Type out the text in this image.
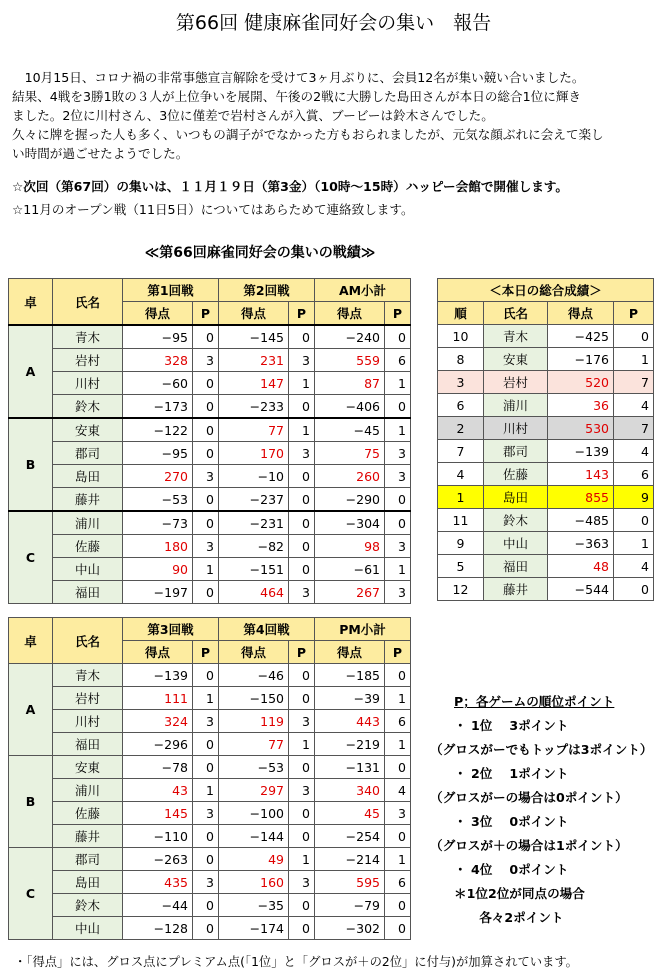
第66回 健康麻雀同好会の集い　報告

　10月15日、コロナ禍の非常事態宣言解除を受けて3ヶ月ぶりに、会員12名が集い競い合いました。

結果、4戦を3勝1敗の３人が上位争いを展開、午後の2戦に大勝した島田さんが本日の総合1位に輝き

ました。2位に川村さん、3位に僅差で岩村さんが入賞、ブービーは鈴木さんでした。

久々に牌を握った人も多く、いつもの調子がでなかった方もおられましたが、元気な顔ぶれに会えて楽し

い時間が過ごせたようでした。

☆次回（第67回）の集いは、１１月１９日（第3金）（10時～15時）ハッピー会館で開催します。
☆11月のオープン戦（11日5日）についてはあらためて連絡致します。
≪第66回麻雀同好会の集いの戦績≫
卓	氏名	第1回戦		第2回戦		AM小計	
		得点	P	得点	P	得点	P
A	青木	−95	0	−145	0	−240	0
	岩村	328	3	231	3	559	6
	川村	−60	0	147	1	87	1
	鈴木	−173	0	−233	0	−406	0
B	安東	−122	0	77	1	−45	1
	郡司	−95	0	170	3	75	3
	島田	270	3	−10	0	260	3
	藤井	−53	0	−237	0	−290	0
C	浦川	−73	0	−231	0	−304	0
	佐藤	180	3	−82	0	98	3
	中山	90	1	−151	0	−61	1
	福田	−197	0	464	3	267	3
卓	氏名	第3回戦		第4回戦		PM小計	
		得点	P	得点	P	得点	P
A	青木	−139	0	−46	0	−185	0
	岩村	111	1	−150	0	−39	1
	川村	324	3	119	3	443	6
	福田	−296	0	77	1	−219	1
B	安東	−78	0	−53	0	−131	0
	浦川	43	1	297	3	340	4
	佐藤	145	3	−100	0	45	3
	藤井	−110	0	−144	0	−254	0
C	郡司	−263	0	49	1	−214	1
	島田	435	3	160	3	595	6
	鈴木	−44	0	−35	0	−79	0
	中山	−128	0	−174	0	−302	0
＜本日の総合成績＞			
順	氏名	得点	P
10	青木	−425	0
8	安東	−176	1
3	岩村	520	7
6	浦川	36	4
2	川村	530	7
7	郡司	−139	4
4	佐藤	143	6
1	島田	855	9
11	鈴木	−485	0
9	中山	−363	1
5	福田	48	4
12	藤井	−544	0
P；各ゲームの順位ポイント
・ 1位　 3ポイント
（グロスがーでもトップは3ポイント）
・ 2位　 1ポイント
（グロスがーの場合は0ポイント）
・ 3位　 0ポイント
（グロスが＋の場合は1ポイント）
・ 4位　 0ポイント
＊1位2位が同点の場合
　　各々2ポイント
・「得点」には、グロス点にプレミアム点(「1位」と「グロスが＋の2位」に付与)が加算されています。
